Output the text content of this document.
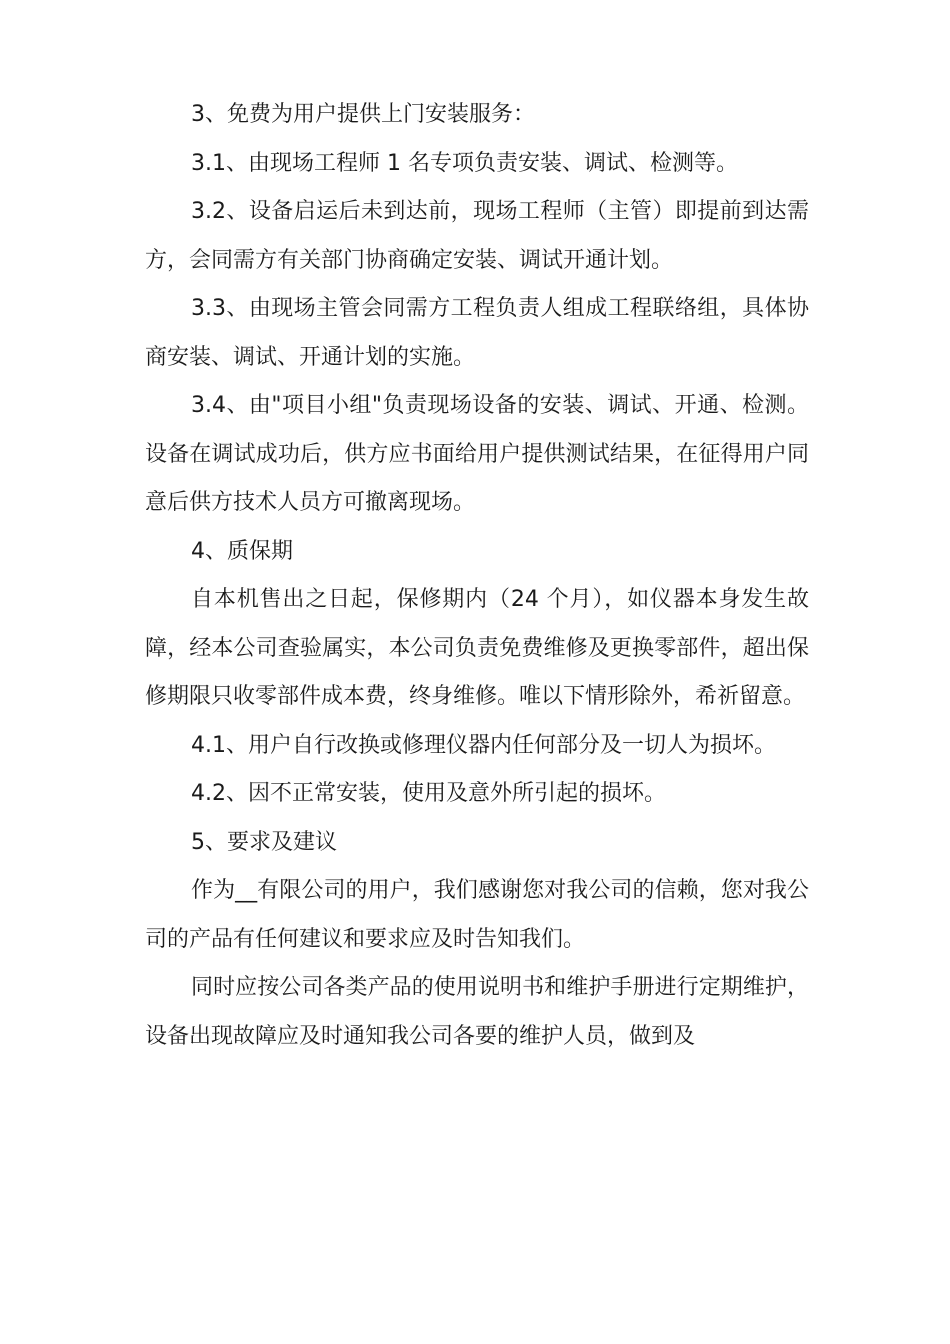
3、免费为用户提供上门安装服务：

3.1、由现场工程师 1 名专项负责安装、调试、检测等。

3.2、设备启运后未到达前，现场工程师（主管）即提前到达需方，会同需方有关部门协商确定安装、调试开通计划。

3.3、由现场主管会同需方工程负责人组成工程联络组，具体协商安装、调试、开通计划的实施。

3.4、由"项目小组"负责现场设备的安装、调试、开通、检测。设备在调试成功后，供方应书面给用户提供测试结果，在征得用户同意后供方技术人员方可撤离现场。

4、质保期

自本机售出之日起，保修期内（24 个月），如仪器本身发生故障，经本公司查验属实，本公司负责免费维修及更换零部件，超出保修期限只收零部件成本费，终身维修。唯以下情形除外，希祈留意。

4.1、用户自行改换或修理仪器内任何部分及一切人为损坏。

4.2、因不正常安装，使用及意外所引起的损坏。

5、要求及建议

作为__有限公司的用户，我们感谢您对我公司的信赖，您对我公司的产品有任何建议和要求应及时告知我们。

同时应按公司各类产品的使用说明书和维护手册进行定期维护，设备出现故障应及时通知我公司各要的维护人员，做到及
